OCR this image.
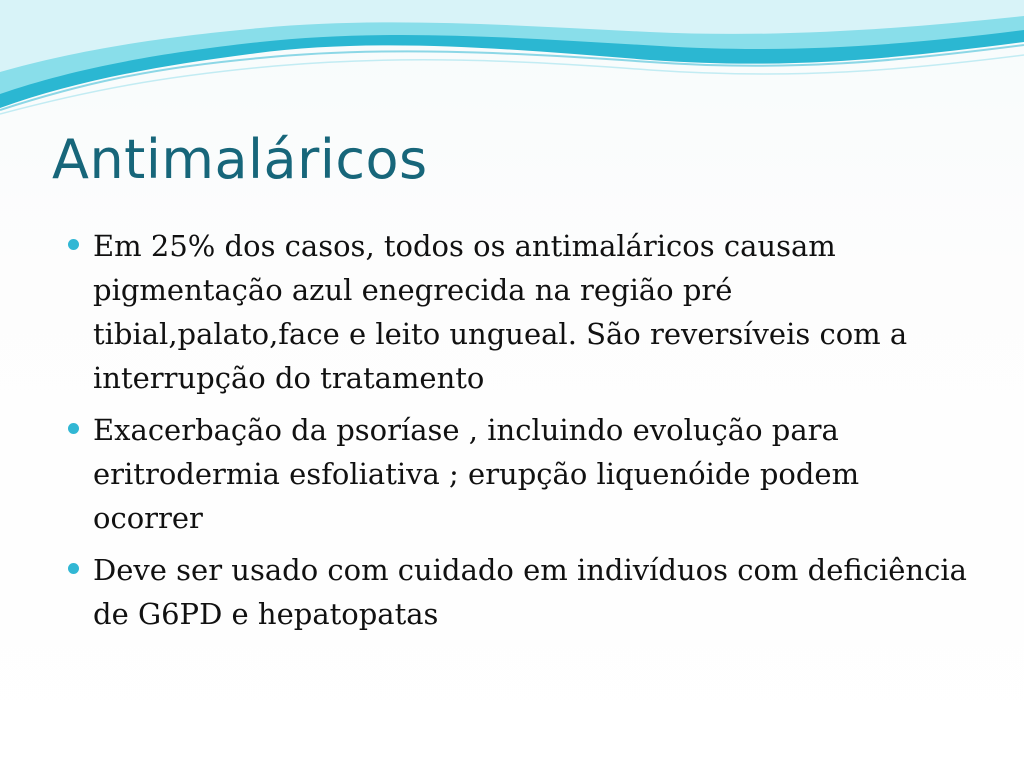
Antimaláricos
Em 25% dos casos, todos os antimaláricos causam pigmentação azul enegrecida na região pré tibial,palato,face e leito ungueal. São reversíveis com a interrupção do tratamento
Exacerbação da psoríase , incluindo evolução para eritrodermia esfoliativa ; erupção liquenóide podem ocorrer
Deve ser usado com cuidado em indivíduos com deficiência de G6PD e hepatopatas
